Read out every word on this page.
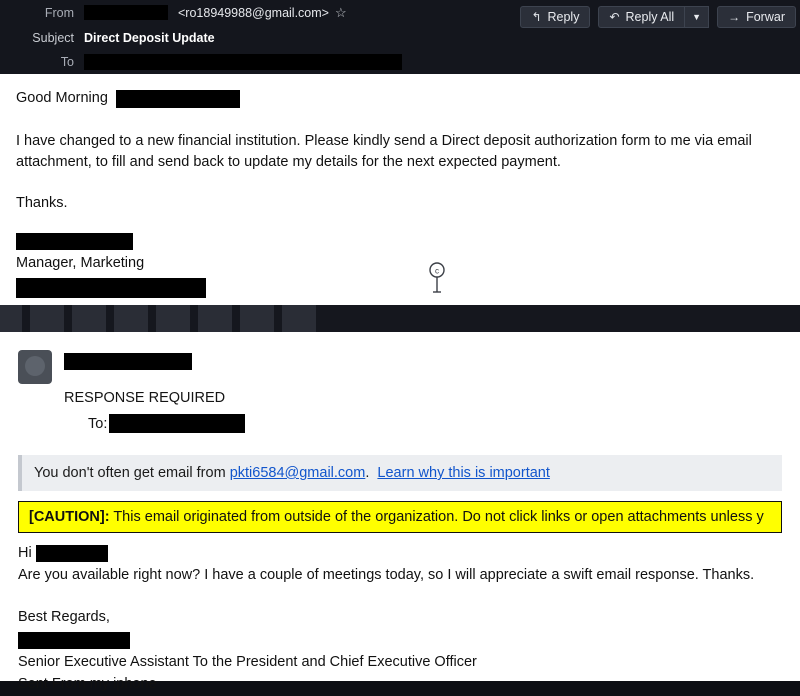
From	<ro18949988@gmail.com> ☆	↰ Reply	↶ Reply All	▼	→ Forwar
Subject Direct Deposit Update
To
Good Morning

I have changed to a new financial institution. Please kindly send a Direct deposit authorization form to me via email attachment, to fill and send back to update my details for the next expected payment.

Thanks.

Manager, Marketing	c
RESPONSE REQUIRED
To:
You don't often get email from pkti6584@gmail.com. Learn why this is important
[CAUTION]: This email originated from outside of the organization. Do not click links or open attachments unless y
Hi
Are you available right now? I have a couple of meetings today, so I will appreciate a swift email response. Thanks.
Best Regards,
Senior Executive Assistant To the President and Chief Executive Officer
Sent From my iphone
